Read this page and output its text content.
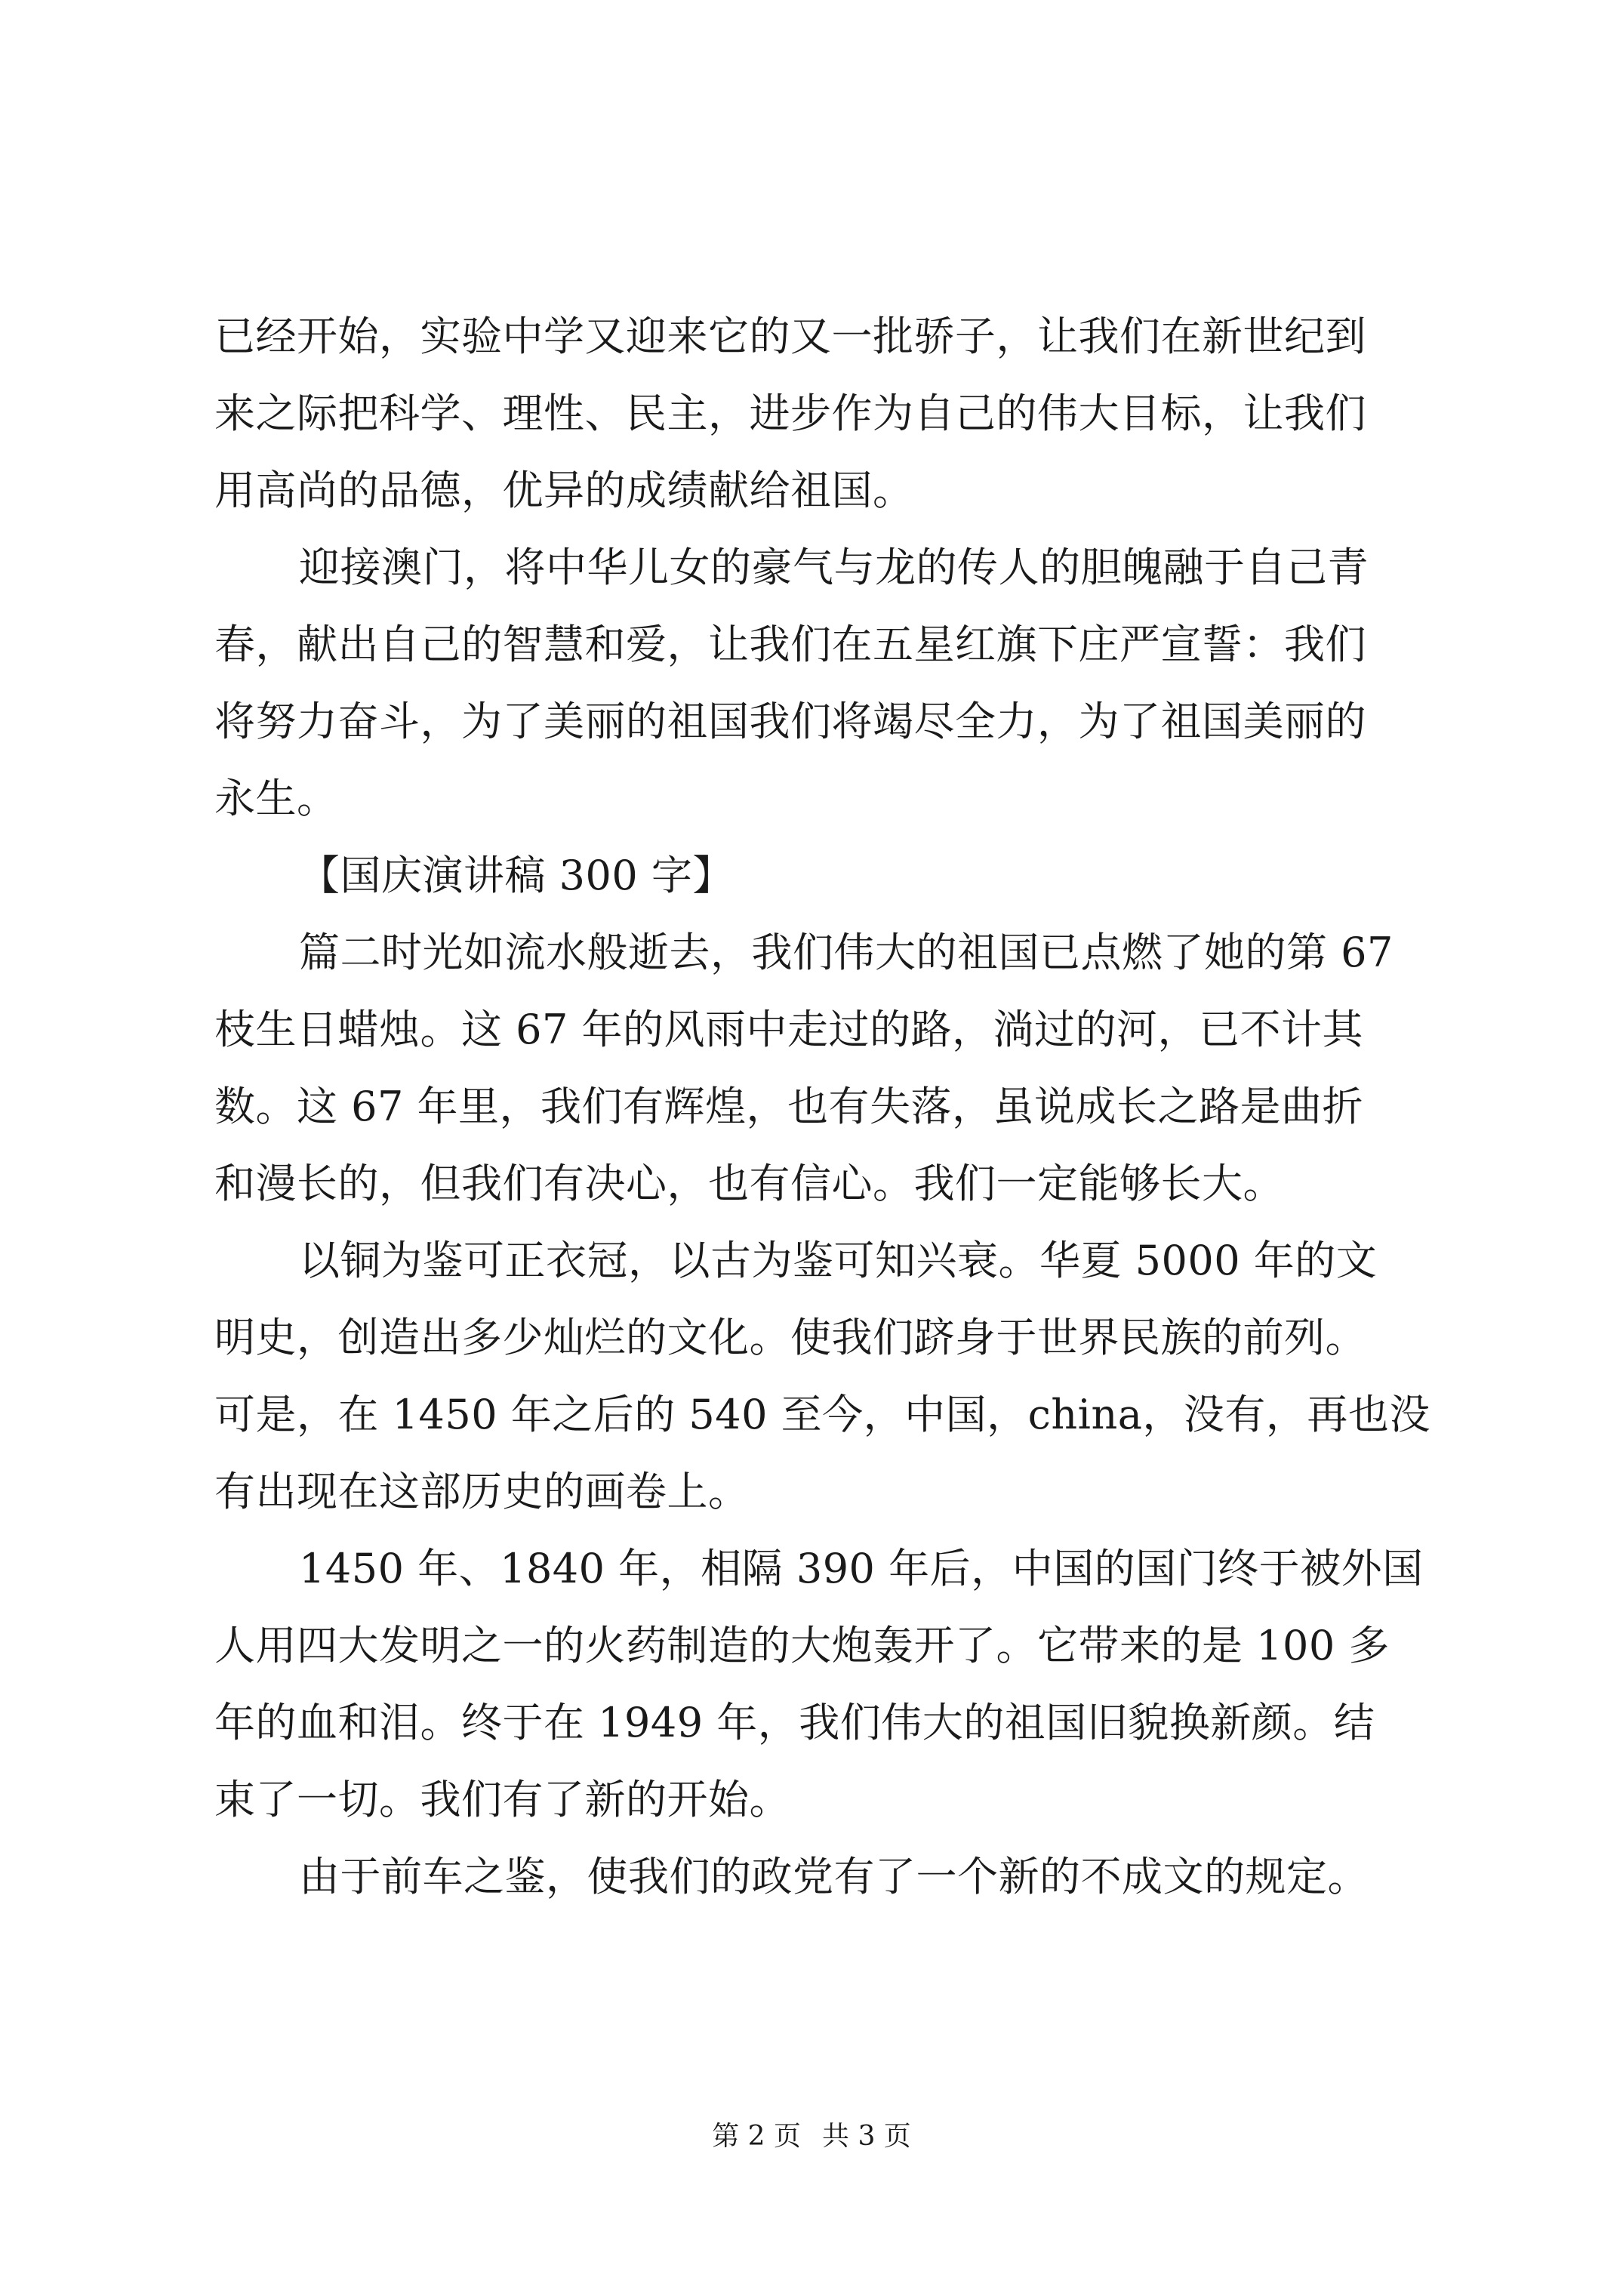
已经开始，实验中学又迎来它的又一批骄子，让我们在新世纪到
来之际把科学、理性、民主，进步作为自己的伟大目标，让我们
用高尚的品德，优异的成绩献给祖国。
迎接澳门，将中华儿女的豪气与龙的传人的胆魄融于自己青
春，献出自己的智慧和爱，让我们在五星红旗下庄严宣誓：我们
将努力奋斗，为了美丽的祖国我们将竭尽全力，为了祖国美丽的
永生。
【国庆演讲稿 300 字】
篇二时光如流水般逝去，我们伟大的祖国已点燃了她的第 67
枝生日蜡烛。这 67 年的风雨中走过的路，淌过的河，已不计其
数。这 67 年里，我们有辉煌，也有失落，虽说成长之路是曲折
和漫长的，但我们有决心，也有信心。我们一定能够长大。
以铜为鉴可正衣冠，以古为鉴可知兴衰。华夏 5000 年的文
明史，创造出多少灿烂的文化。使我们跻身于世界民族的前列。
可是，在 1450 年之后的 540 至今，中国，china，没有，再也没
有出现在这部历史的画卷上。
1450 年、1840 年，相隔 390 年后，中国的国门终于被外国
人用四大发明之一的火药制造的大炮轰开了。它带来的是 100 多
年的血和泪。终于在 1949 年，我们伟大的祖国旧貌换新颜。结
束了一切。我们有了新的开始。
由于前车之鉴，使我们的政党有了一个新的不成文的规定。
第 2 页 共 3 页
